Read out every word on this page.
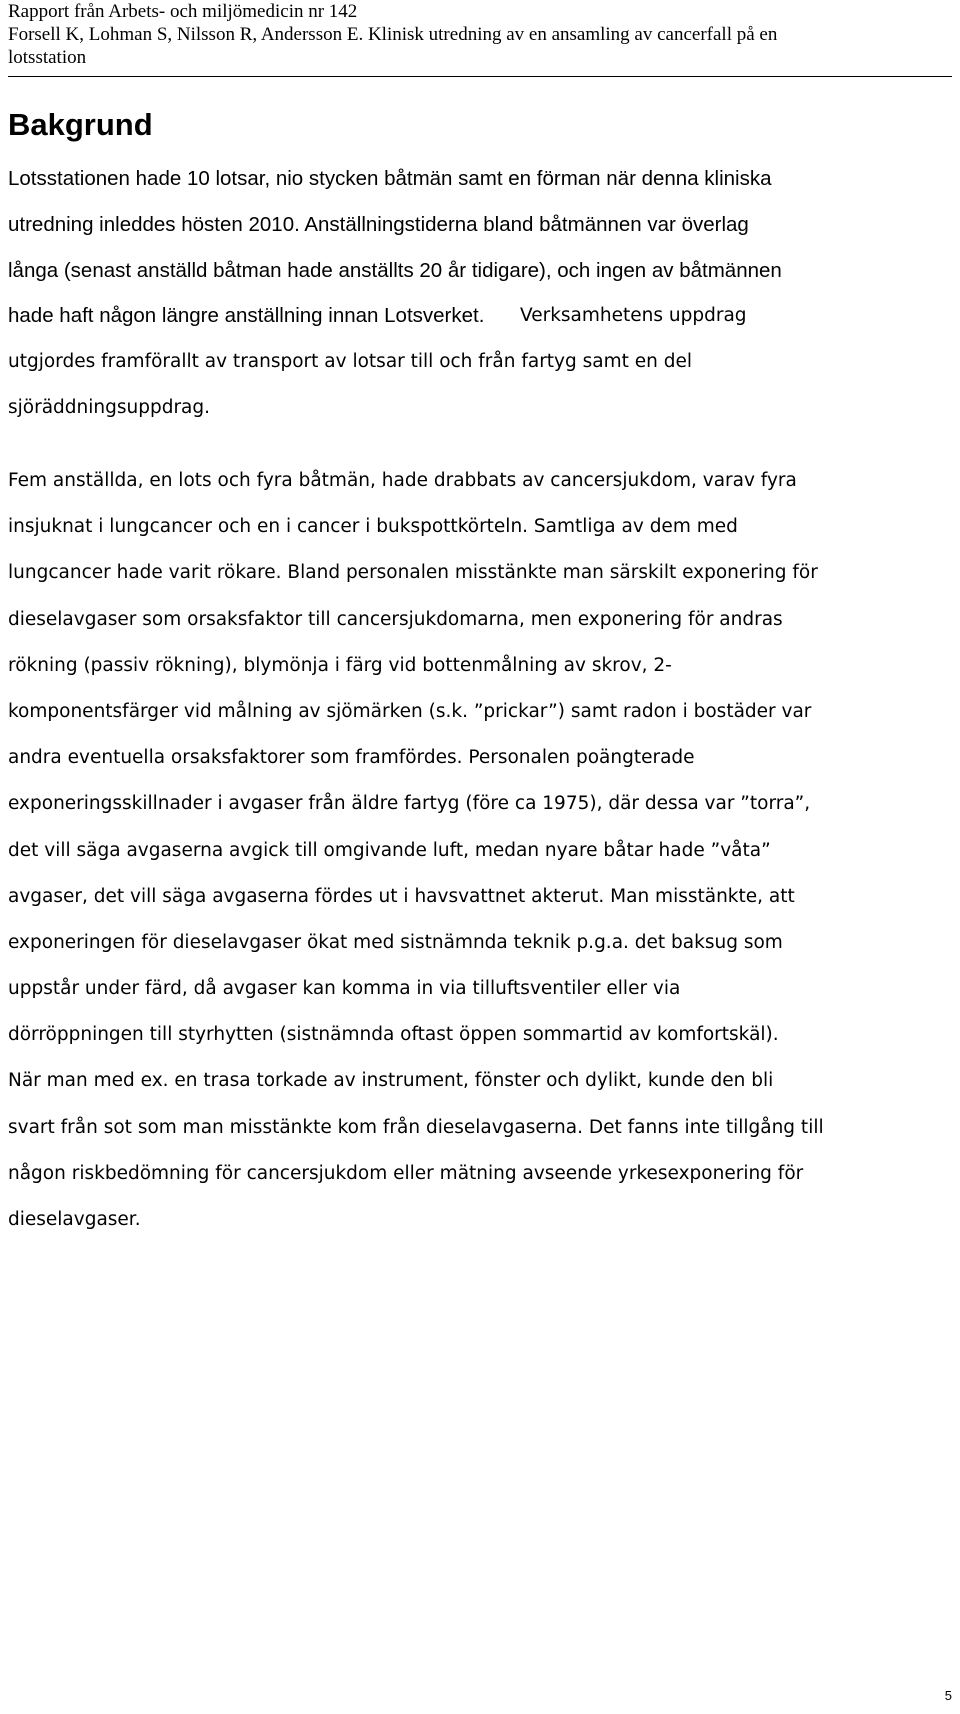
Rapport från Arbets- och miljömedicin nr 142
Forsell K, Lohman S, Nilsson R, Andersson E. Klinisk utredning av en ansamling av cancerfall på en
lotsstation
Bakgrund
Lotsstationen hade 10 lotsar, nio stycken båtmän samt en förman när denna kliniska
utredning inleddes hösten 2010. Anställningstiderna bland båtmännen var överlag
långa (senast anställd båtman hade anställts 20 år tidigare), och ingen av båtmännen
hade haft någon längre anställning innan Lotsverket. Verksamhetens uppdrag
utgjordes framförallt av transport av lotsar till och från fartyg samt en del
sjöräddningsuppdrag.
Fem anställda, en lots och fyra båtmän, hade drabbats av cancersjukdom, varav fyra
insjuknat i lungcancer och en i cancer i bukspottkörteln. Samtliga av dem med
lungcancer hade varit rökare. Bland personalen misstänkte man särskilt exponering för
dieselavgaser som orsaksfaktor till cancersjukdomarna, men exponering för andras
rökning (passiv rökning), blymönja i färg vid bottenmålning av skrov, 2-
komponentsfärger vid målning av sjömärken (s.k. ”prickar”) samt radon i bostäder var
andra eventuella orsaksfaktorer som framfördes. Personalen poängterade
exponeringsskillnader i avgaser från äldre fartyg (före ca 1975), där dessa var ”torra”,
det vill säga avgaserna avgick till omgivande luft, medan nyare båtar hade ”våta”
avgaser, det vill säga avgaserna fördes ut i havsvattnet akterut. Man misstänkte, att
exponeringen för dieselavgaser ökat med sistnämnda teknik p.g.a. det baksug som
uppstår under färd, då avgaser kan komma in via tilluftsventiler eller via
dörröppningen till styrhytten (sistnämnda oftast öppen sommartid av komfortskäl).
När man med ex. en trasa torkade av instrument, fönster och dylikt, kunde den bli
svart från sot som man misstänkte kom från dieselavgaserna. Det fanns inte tillgång till
någon riskbedömning för cancersjukdom eller mätning avseende yrkesexponering för
dieselavgaser.
5
